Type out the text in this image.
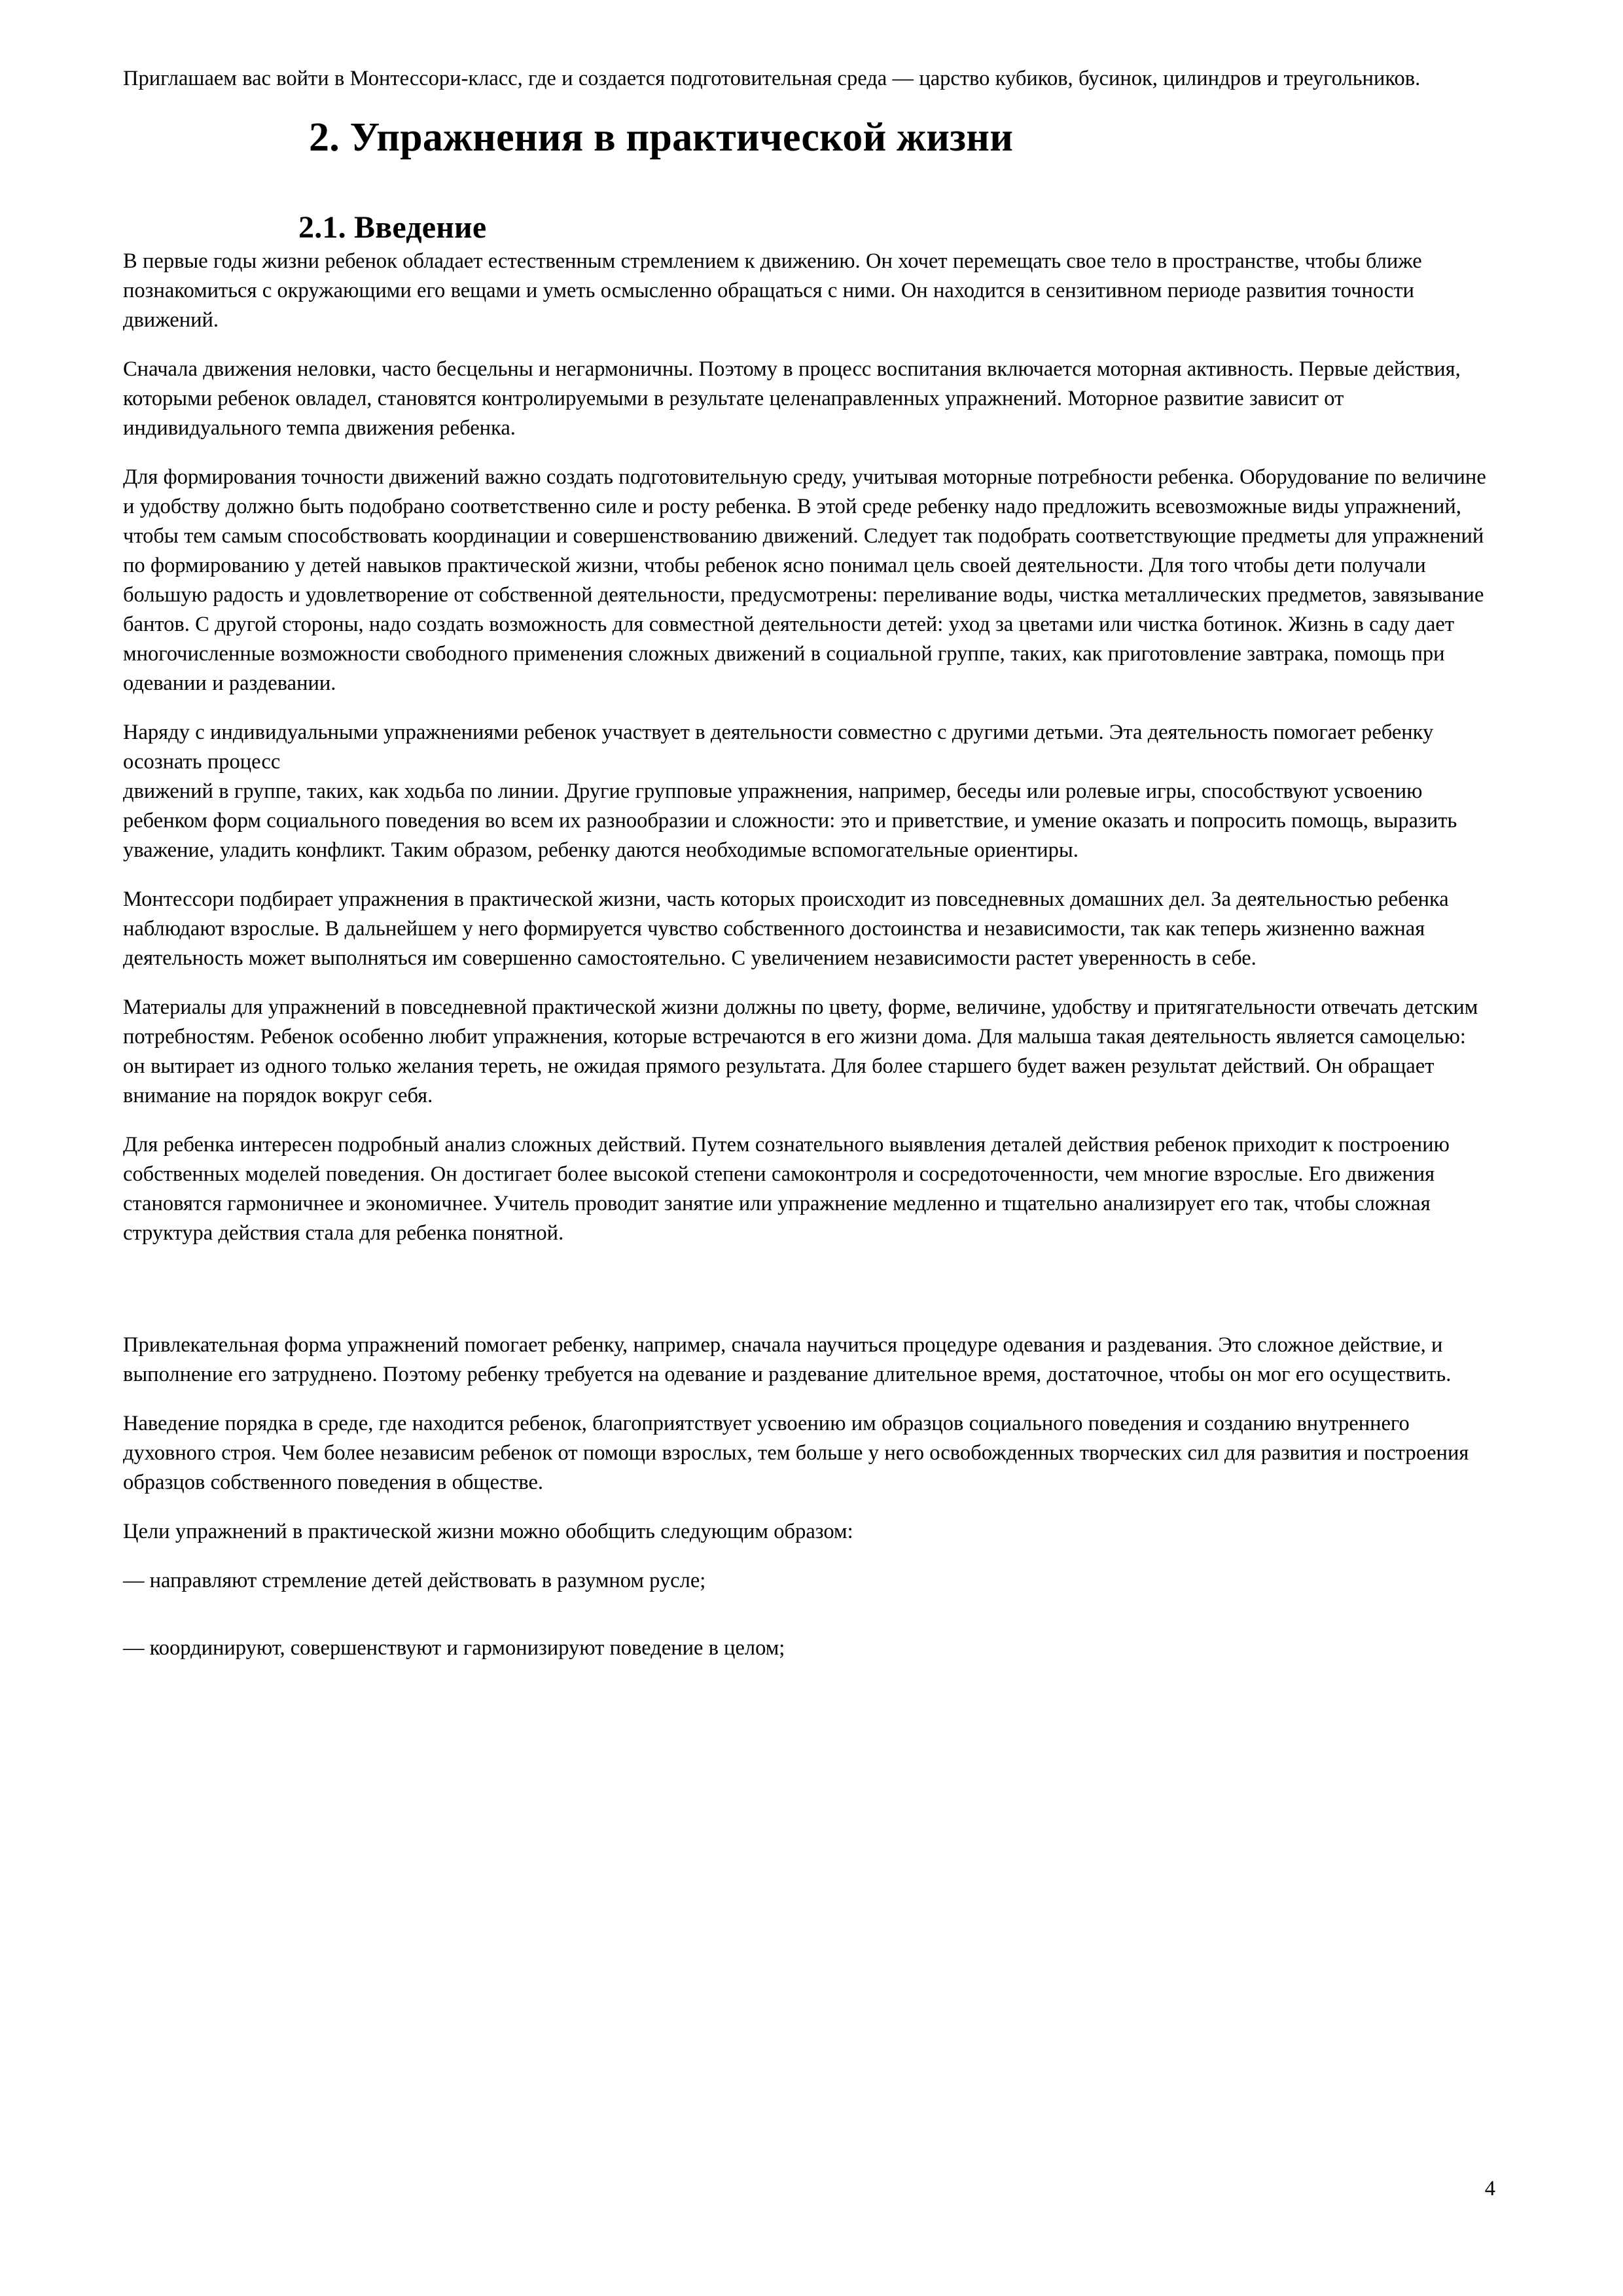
Приглашаем вас войти в Монтессори-класс, где и создается подготовительная среда — царство кубиков, бусинок, цилиндров и треугольников.

2. Упражнения в практической жизни
2.1. Введение

В первые годы жизни ребенок обладает естественным стремлением к движению. Он хочет перемещать свое тело в пространстве, чтобы ближе познакомиться с окружающими его вещами и уметь осмысленно обращаться с ними. Он находится в сензитивном периоде развития точности движений.

Сначала движения неловки, часто бесцельны и негармоничны. Поэтому в процесс воспитания включается моторная активность. Первые действия, которыми ребенок овладел, становятся контролируемыми в результате целенаправленных упражнений. Моторное развитие зависит от индивидуального темпа движения ребенка.

Для формирования точности движений важно создать подготовительную среду, учитывая моторные потребности ребенка. Оборудование по величине и удобству должно быть подобрано соответственно силе и росту ребенка. В этой среде ребенку надо предложить всевозможные виды упражнений, чтобы тем самым способствовать координации и совершенствованию движений. Следует так подобрать соответствующие предметы для упражнений по формированию у детей навыков практической жизни, чтобы ребенок ясно понимал цель своей деятельности. Для того чтобы дети получали большую радость и удовлетворение от собственной деятельности, предусмотрены: переливание воды, чистка металлических предметов, завязывание бантов. С другой стороны, надо создать возможность для совместной деятельности детей: уход за цветами или чистка ботинок. Жизнь в саду дает многочисленные возможности свободного применения сложных движений в социальной группе, таких, как приготовление завтрака, помощь при одевании и раздевании.

Наряду с индивидуальными упражнениями ребенок участвует в деятельности совместно с другими детьми. Эта деятельность помогает ребенку осознать процесс

движений в группе, таких, как ходьба по линии. Другие групповые упражнения, например, беседы или ролевые игры, способствуют усвоению ребенком форм социального поведения во всем их разнообразии и сложности: это и приветствие, и умение оказать и попросить помощь, выразить уважение, уладить конфликт. Таким образом, ребенку даются необходимые вспомогательные ориентиры.

Монтессори подбирает упражнения в практической жизни, часть которых происходит из повседневных домашних дел. За деятельностью ребенка наблюдают взрослые. В дальнейшем у него формируется чувство собственного достоинства и независимости, так как теперь жизненно важная деятельность может выполняться им совершенно самостоятельно. С увеличением независимости растет уверенность в себе.

Материалы для упражнений в повседневной практической жизни должны по цвету, форме, величине, удобству и притягательности отвечать детским потребностям. Ребенок особенно любит упражнения, которые встречаются в его жизни дома. Для малыша такая деятельность является самоцелью: он вытирает из одного только желания тереть, не ожидая прямого результата. Для более старшего будет важен результат действий. Он обращает внимание на порядок вокруг себя.

Для ребенка интересен подробный анализ сложных действий. Путем сознательного выявления деталей действия ребенок приходит к построению собственных моделей поведения. Он достигает более высокой степени самоконтроля и сосредоточенности, чем многие взрослые. Его движения становятся гармоничнее и экономичнее. Учитель проводит занятие или упражнение медленно и тщательно анализирует его так, чтобы сложная структура действия стала для ребенка понятной.

Привлекательная форма упражнений помогает ребенку, например, сначала научиться процедуре одевания и раздевания. Это сложное действие, и выполнение его затруднено. Поэтому ребенку требуется на одевание и раздевание длительное время, достаточное, чтобы он мог его осуществить.

Наведение порядка в среде, где находится ребенок, благоприятствует усвоению им образцов социального поведения и созданию внутреннего духовного строя. Чем более независим ребенок от помощи взрослых, тем больше у него освобожденных творческих сил для развития и построения образцов собственного поведения в обществе.

Цели упражнений в практической жизни можно обобщить следующим образом:

— направляют стремление детей действовать в разумном русле;

— координируют, совершенствуют и гармонизируют поведение в целом;

4
